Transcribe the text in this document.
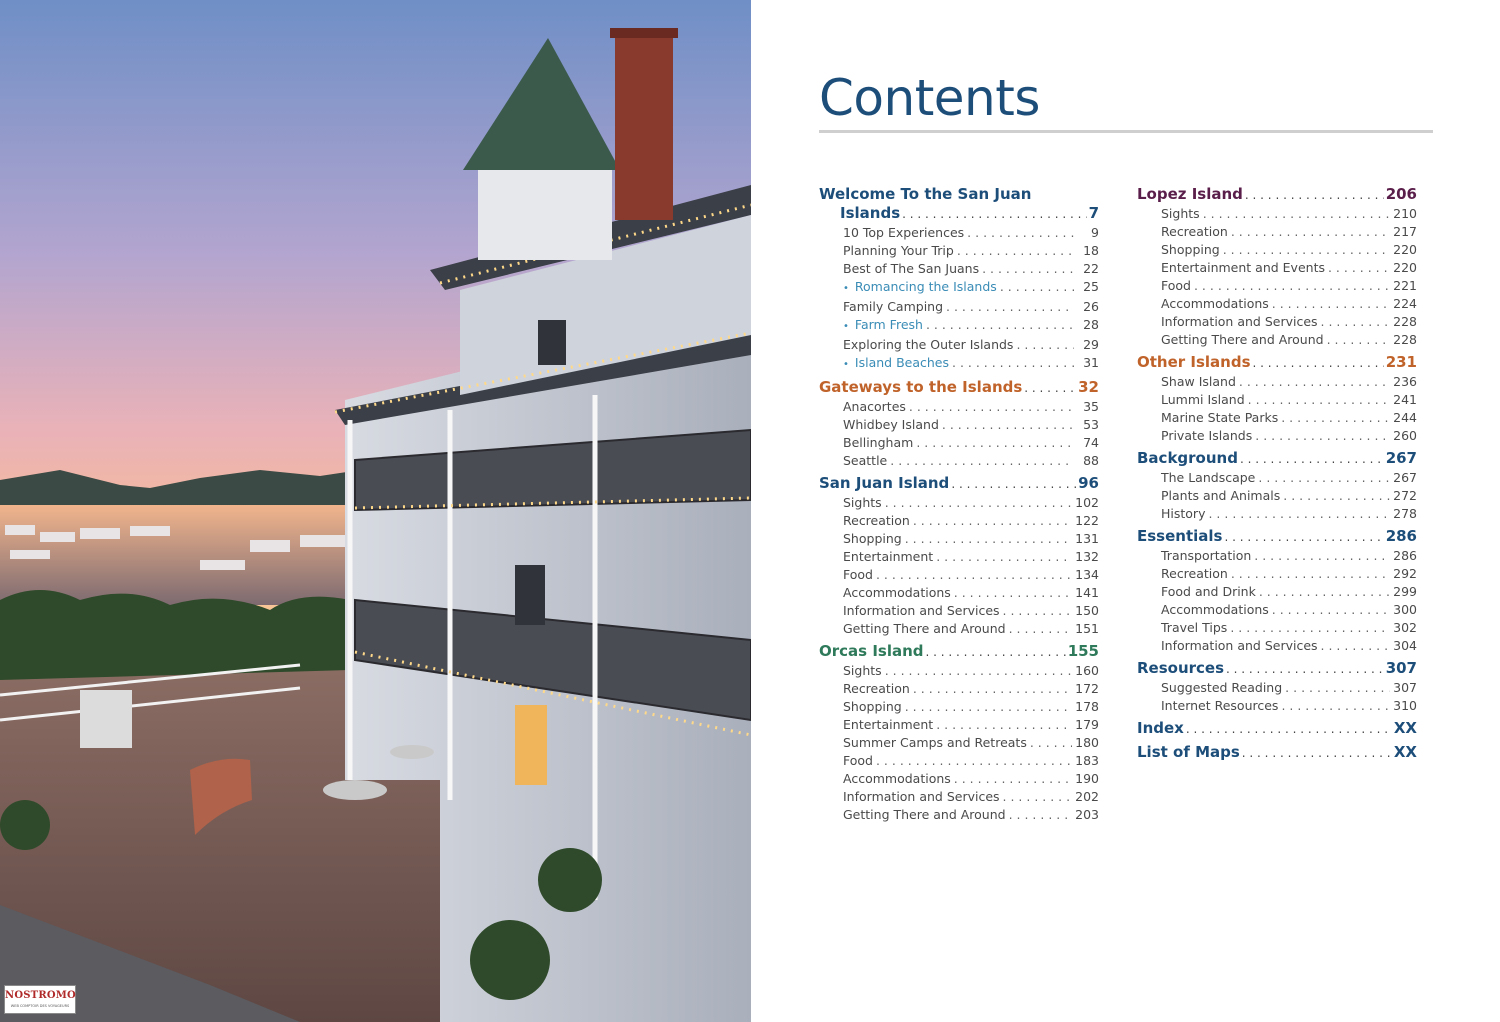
NOSTROMO
WEB COMPTOIR DES VOYAGEURS
Contents
Welcome To the San Juan
Islands . . .	7
10 Top Experiences . . .	9
Planning Your Trip . . .	18
Best of The San Juans . . .	22
• Romancing the Islands . . .	25
Family Camping . . .	26
• Farm Fresh . . .	28
Exploring the Outer Islands . . .	29
• Island Beaches . . .	31
Gateways to the Islands . . .	32
Anacortes . . .	35
Whidbey Island . . .	53
Bellingham . . .	74
Seattle . . .	88
San Juan Island . . .	96
Sights . . .	102
Recreation . . .	122
Shopping . . .	131
Entertainment . . .	132
Food . . .	134
Accommodations . . .	141
Information and Services . . .	150
Getting There and Around . . .	151
Orcas Island . . .	155
Sights . . .	160
Recreation . . .	172
Shopping . . .	178
Entertainment . . .	179
Summer Camps and Retreats . . .	180
Food . . .	183
Accommodations . . .	190
Information and Services . . .	202
Getting There and Around . . .	203
Lopez Island . . .	206
Sights . . .	210
Recreation . . .	217
Shopping . . .	220
Entertainment and Events . . .	220
Food . . .	221
Accommodations . . .	224
Information and Services . . .	228
Getting There and Around . . .	228
Other Islands . . .	231
Shaw Island . . .	236
Lummi Island . . .	241
Marine State Parks . . .	244
Private Islands . . .	260
Background . . .	267
The Landscape . . .	267
Plants and Animals . . .	272
History . . .	278
Essentials . . .	286
Transportation . . .	286
Recreation . . .	292
Food and Drink . . .	299
Accommodations . . .	300
Travel Tips . . .	302
Information and Services . . .	304
Resources . . .	307
Suggested Reading . . .	307
Internet Resources . . .	310
Index . . .	XX
List of Maps . . .	XX
